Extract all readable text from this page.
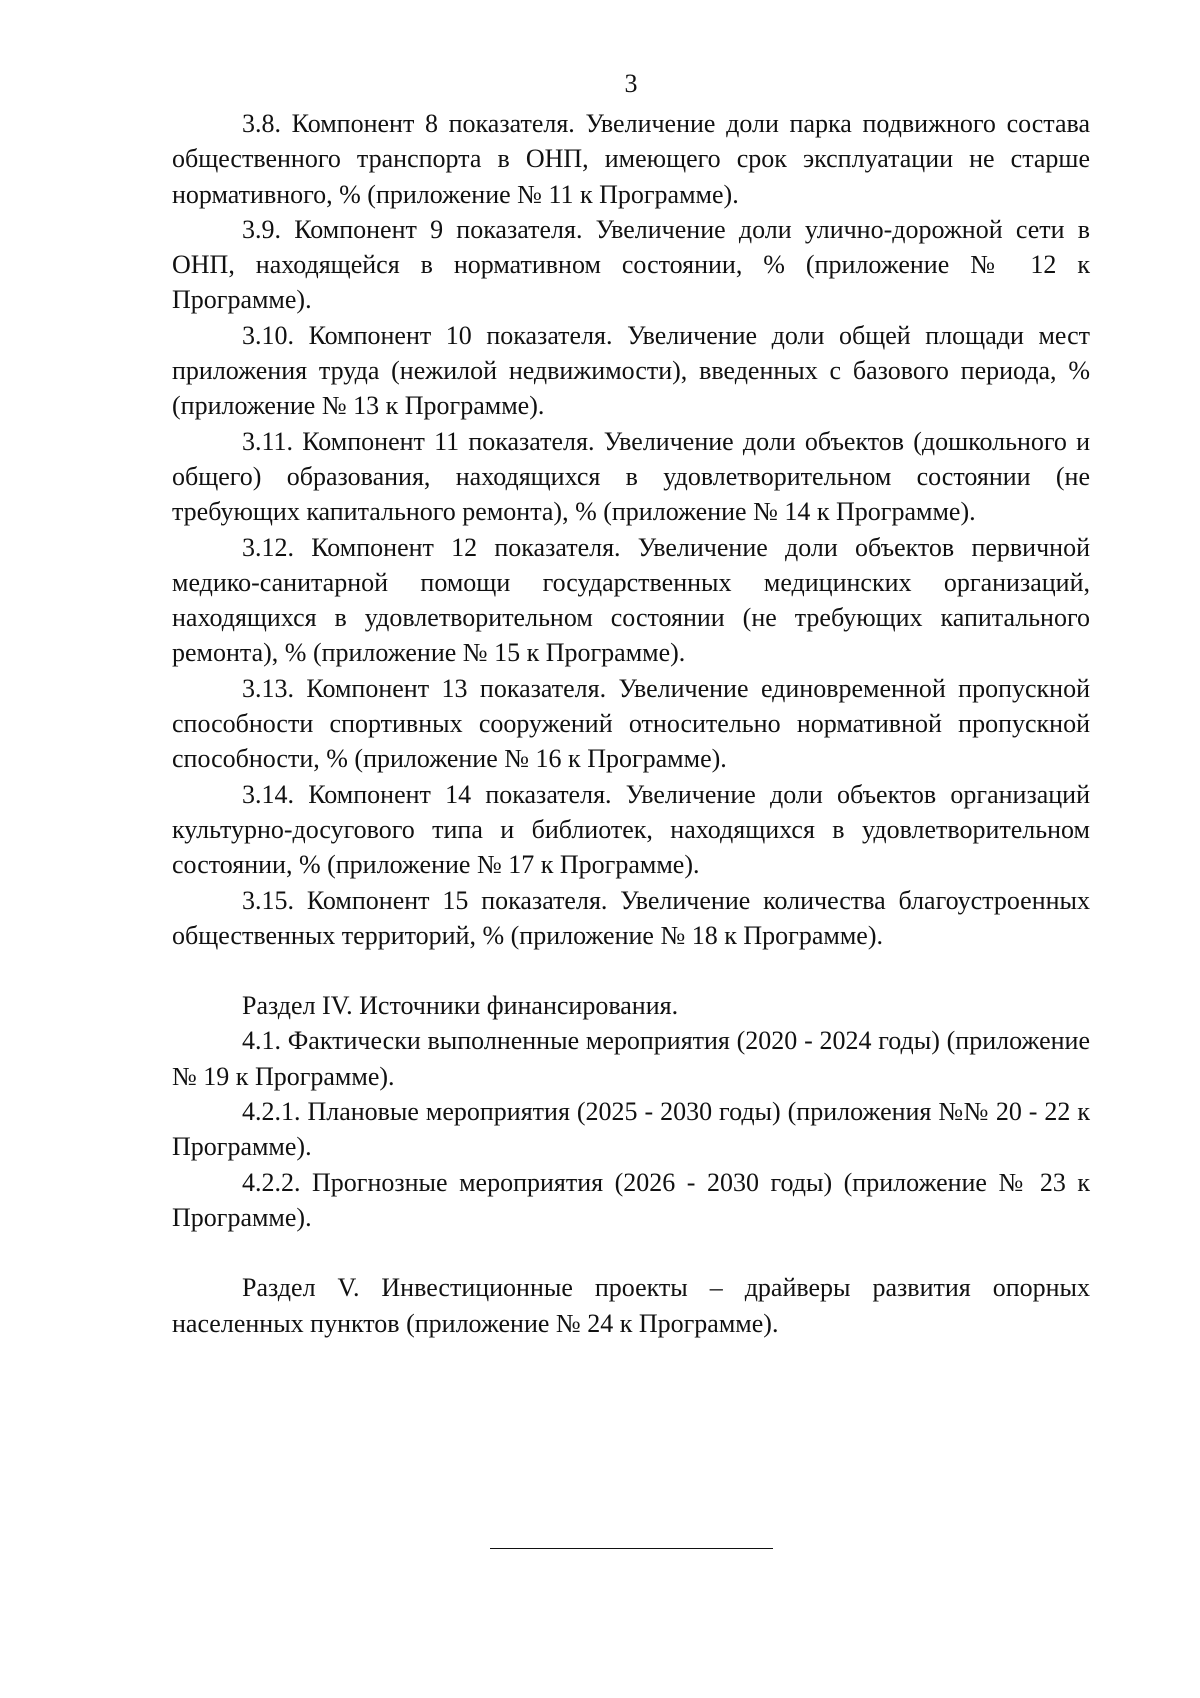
3

3.8. Компонент 8 показателя. Увеличение доли парка подвижного состава общественного транспорта в ОНП, имеющего срок эксплуатации не старше нормативного, % (приложение № 11 к Программе).

3.9. Компонент 9 показателя. Увеличение доли улично-дорожной сети в ОНП, находящейся в нормативном состоянии, % (приложение № 12 к Программе).

3.10. Компонент 10 показателя. Увеличение доли общей площади мест приложения труда (нежилой недвижимости), введенных с базового периода, % (приложение № 13 к Программе).

3.11. Компонент 11 показателя. Увеличение доли объектов (дошкольного и общего) образования, находящихся в удовлетворительном состоянии (не требующих капитального ремонта), % (приложение № 14 к Программе).

3.12. Компонент 12 показателя. Увеличение доли объектов первичной медико-санитарной помощи государственных медицинских организаций, находящихся в удовлетворительном состоянии (не требующих капитального ремонта), % (приложение № 15 к Программе).

3.13. Компонент 13 показателя. Увеличение единовременной пропускной способности спортивных сооружений относительно нормативной пропускной способности, % (приложение № 16 к Программе).

3.14. Компонент 14 показателя. Увеличение доли объектов организаций культурно-досугового типа и библиотек, находящихся в удовлетворительном состоянии, % (приложение № 17 к Программе).

3.15. Компонент 15 показателя. Увеличение количества благоустроенных общественных территорий, % (приложение № 18 к Программе).

Раздел IV. Источники финансирования.

4.1. Фактически выполненные мероприятия (2020 - 2024 годы) (приложение № 19 к Программе).

4.2.1. Плановые мероприятия (2025 - 2030 годы) (приложения №№ 20 - 22 к Программе).

4.2.2. Прогнозные мероприятия (2026 - 2030 годы) (приложение № 23 к Программе).

Раздел V. Инвестиционные проекты – драйверы развития опорных населенных пунктов (приложение № 24 к Программе).
